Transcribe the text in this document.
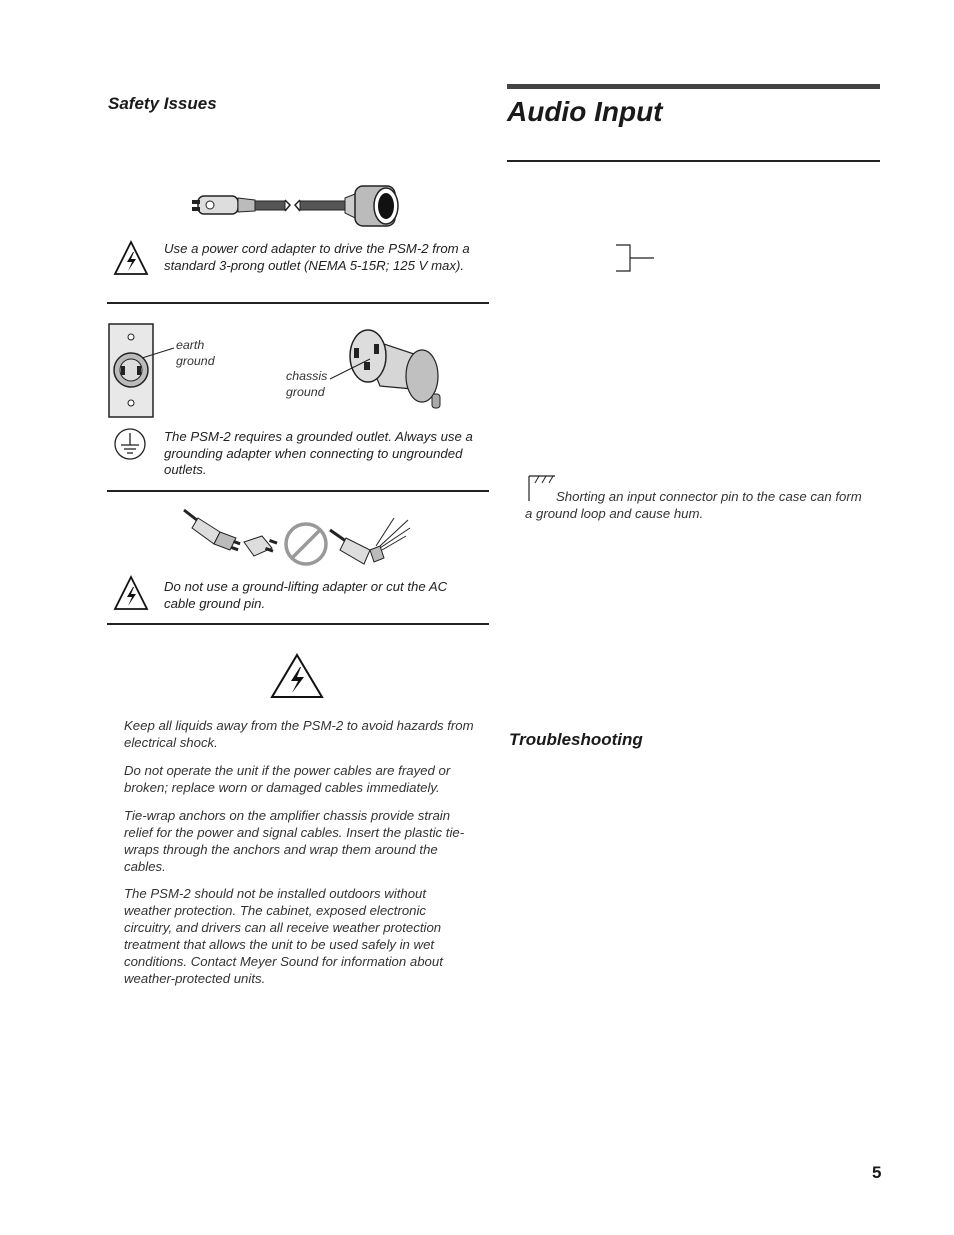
Safety Issues
Use a power cord adapter to drive the PSM-2 from a standard 3-prong outlet (NEMA 5-15R; 125 V max).
earth ground
chassis ground
The PSM-2 requires a grounded outlet. Always use a grounding adapter when connecting to ungrounded outlets.
Do not use a ground-lifting adapter or cut the AC cable ground pin.
Keep all liquids away from the PSM-2 to avoid hazards from electrical shock.
Do not operate the unit if the power cables are frayed or broken; replace worn or damaged cables immediately.
Tie-wrap anchors on the amplifier chassis provide strain relief for the power and signal cables. Insert the plastic tie-wraps through the anchors and wrap them around the cables.
The PSM-2 should not be installed outdoors without weather protection. The cabinet, exposed electronic circuitry, and drivers can all receive weather protection treatment that allows the unit to be used safely in wet conditions. Contact Meyer Sound for information about weather-protected units.
Audio Input
Shorting an input connector pin to the case can form a ground loop and cause hum.
Troubleshooting
5
